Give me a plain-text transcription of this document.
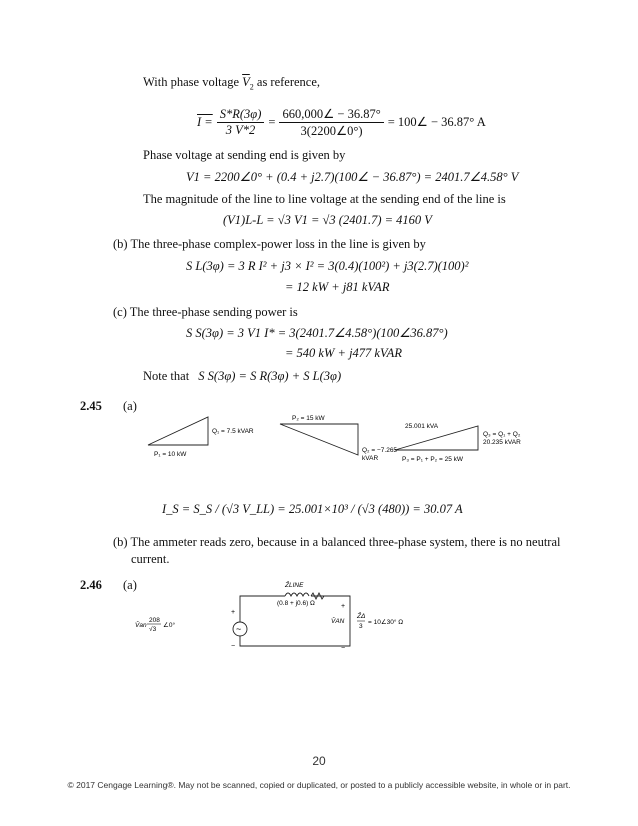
With phase voltage $\overline{V}_2$ as reference,
$I = \frac{S*R(3\varphi)}{3 V*2} = \frac{660,000\angle - 36.87^\circ}{3(2200\angle 0^\circ)}$ = 100∠ − 36.87° A
Phase voltage at sending end is given by
V1 = 2200∠0° + (0.4 + j2.7)(100∠ − 36.87°) = 2401.7∠4.58° V
The magnitude of the line to line voltage at the sending end of the line is
(V1)L-L = √3 V1 = √3 (2401.7) = 4160 V
(b) The three-phase complex-power loss in the line is given by
S L(3φ) = 3 R I² + j3 × I² = 3(0.4)(100²) + j3(2.7)(100)²
= 12 kW + j81 kVAR
(c) The three-phase sending power is
S S(3φ) = 3 V1 I* = 3(2401.7∠4.58°)(100∠36.87°)
= 540 kW + j477 kVAR
Note that S S(3φ) = S R(3φ) + S L(3φ)
2.45 (a)
Q₁ = 7.5 kVAR
P₁ = 10 kW
P₂ = 15 kW
Q₂ = −7.265
kVAR
25.001 kVA
Q₃ = Q₁ + Q₂
20.235 kVAR
P₃ = P₁ + P₂ = 25 kW
I_S = S_S / (√3 V_LL) = 25.001×10³ / (√3 (480)) = 30.07 A
(b) The ammeter reads zero, because in a balanced three-phase system, there is no neutral
current.
2.46 (a)
~
+
−
+
−
Z̄LINE
(0.8 + j0.6) Ω
V̄AN
Z̄Δ
3
= 10∠30° Ω
V̄an
208
√3
∠0°
20
© 2017 Cengage Learning®. May not be scanned, copied or duplicated, or posted to a publicly accessible website, in whole or in part.
